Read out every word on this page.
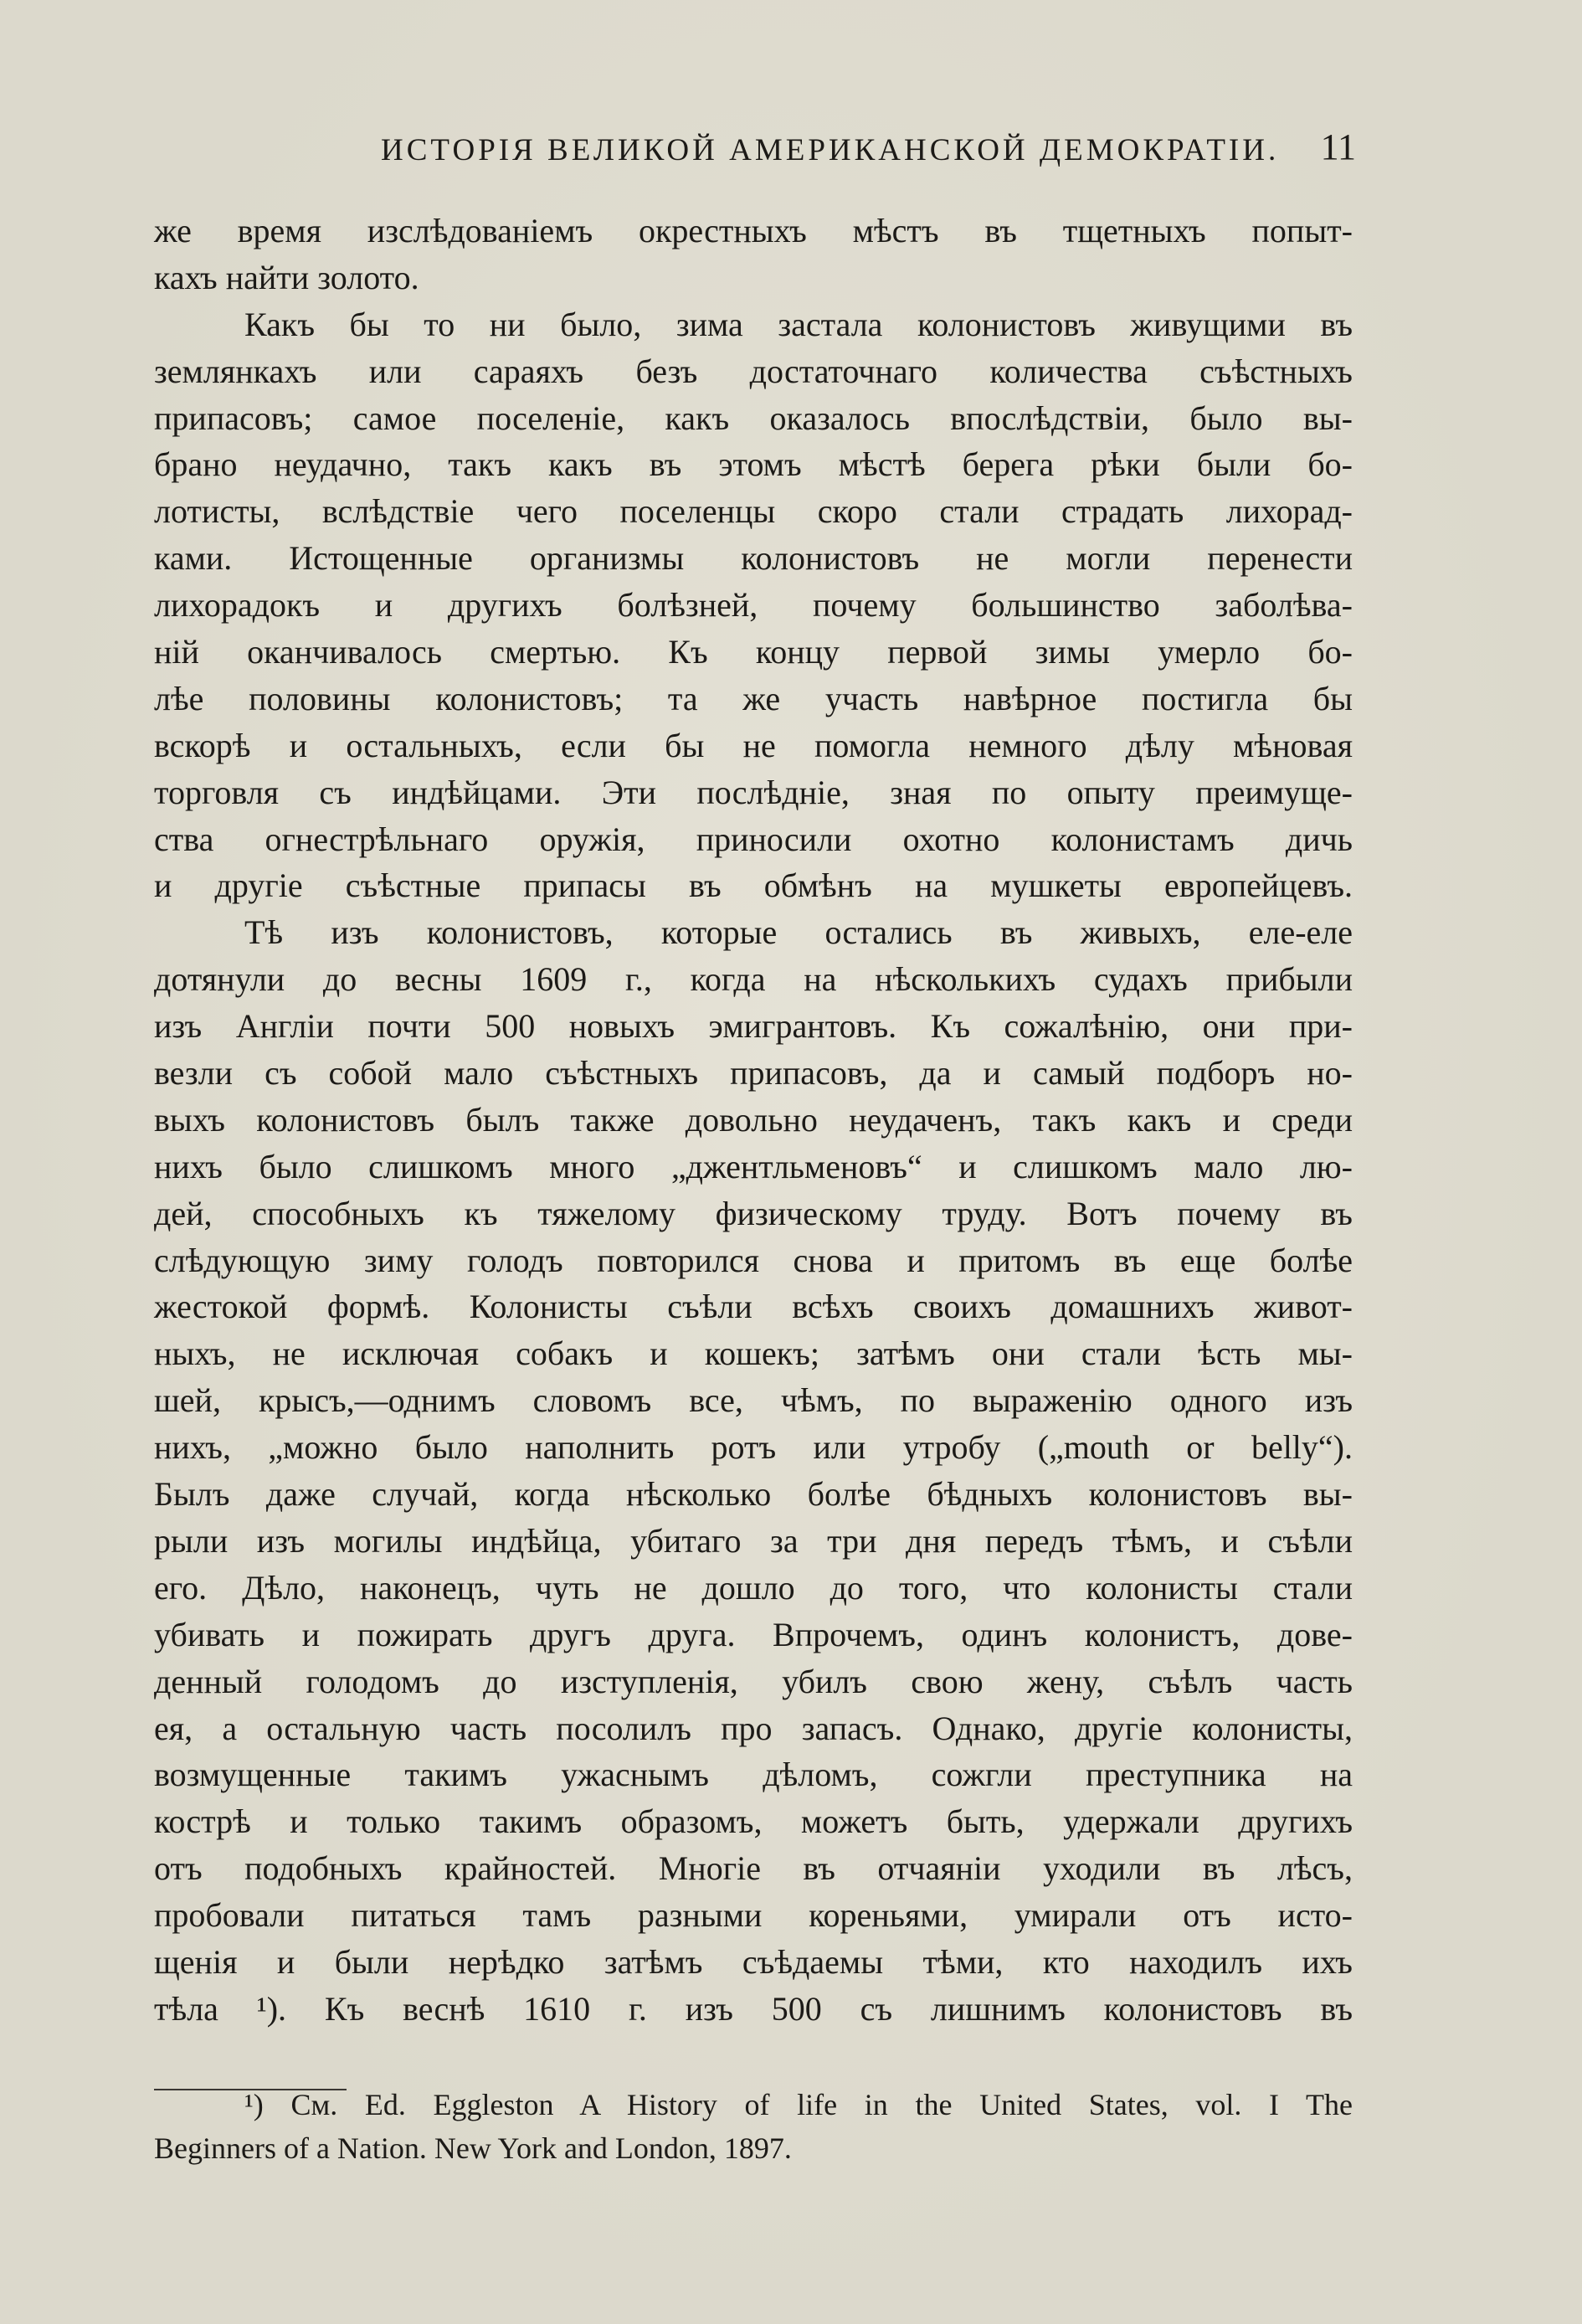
ИСТОРІЯ ВЕЛИКОЙ АМЕРИКАНСКОЙ ДЕМОКРАТІИ. 11
же время изслѣдованіемъ окрестныхъ мѣстъ въ тщетныхъ попыт-
кахъ найти золото.
Какъ бы то ни было, зима застала колонистовъ живущими въ
землянкахъ или сараяхъ безъ достаточнаго количества съѣстныхъ
припасовъ; самое поселеніе, какъ оказалось впослѣдствіи, было вы-
брано неудачно, такъ какъ въ этомъ мѣстѣ берега рѣки были бо-
лотисты, вслѣдствіе чего поселенцы скоро стали страдать лихорад-
ками. Истощенные организмы колонистовъ не могли перенести
лихорадокъ и другихъ болѣзней, почему большинство заболѣва-
ній оканчивалось смертью. Къ концу первой зимы умерло бо-
лѣе половины колонистовъ; та же участь навѣрное постигла бы
вскорѣ и остальныхъ, если бы не помогла немного дѣлу мѣновая
торговля съ индѣйцами. Эти послѣдніе, зная по опыту преимуще-
ства огнестрѣльнаго оружія, приносили охотно колонистамъ дичь
и другіе съѣстные припасы въ обмѣнъ на мушкеты европейцевъ.
Тѣ изъ колонистовъ, которые остались въ живыхъ, еле-еле
дотянули до весны 1609 г., когда на нѣсколькихъ судахъ прибыли
изъ Англіи почти 500 новыхъ эмигрантовъ. Къ сожалѣнію, они при-
везли съ собой мало съѣстныхъ припасовъ, да и самый подборъ но-
выхъ колонистовъ былъ также довольно неудаченъ, такъ какъ и среди
нихъ было слишкомъ много „джентльменовъ“ и слишкомъ мало лю-
дей, способныхъ къ тяжелому физическому труду. Вотъ почему въ
слѣдующую зиму голодъ повторился снова и притомъ въ еще болѣе
жестокой формѣ. Колонисты съѣли всѣхъ своихъ домашнихъ живот-
ныхъ, не исключая собакъ и кошекъ; затѣмъ они стали ѣсть мы-
шей, крысъ,—однимъ словомъ все, чѣмъ, по выраженію одного изъ
нихъ, „можно было наполнить ротъ или утробу („mouth or belly“).
Былъ даже случай, когда нѣсколько болѣе бѣдныхъ колонистовъ вы-
рыли изъ могилы индѣйца, убитаго за три дня передъ тѣмъ, и съѣли
его. Дѣло, наконецъ, чуть не дошло до того, что колонисты стали
убивать и пожирать другъ друга. Впрочемъ, одинъ колонистъ, дове-
денный голодомъ до изступленія, убилъ свою жену, съѣлъ часть
ея, а остальную часть посолилъ про запасъ. Однако, другіе колонисты,
возмущенные такимъ ужаснымъ дѣломъ, сожгли преступника на
кострѣ и только такимъ образомъ, можетъ быть, удержали другихъ
отъ подобныхъ крайностей. Многіе въ отчаяніи уходили въ лѣсъ,
пробовали питаться тамъ разными кореньями, умирали отъ исто-
щенія и были нерѣдко затѣмъ съѣдаемы тѣми, кто находилъ ихъ
тѣла ¹). Къ веснѣ 1610 г. изъ 500 съ лишнимъ колонистовъ въ
¹) См. Ed. Eggleston A History of life in the United States, vol. I The
Beginners of a Nation. New York and London, 1897.
